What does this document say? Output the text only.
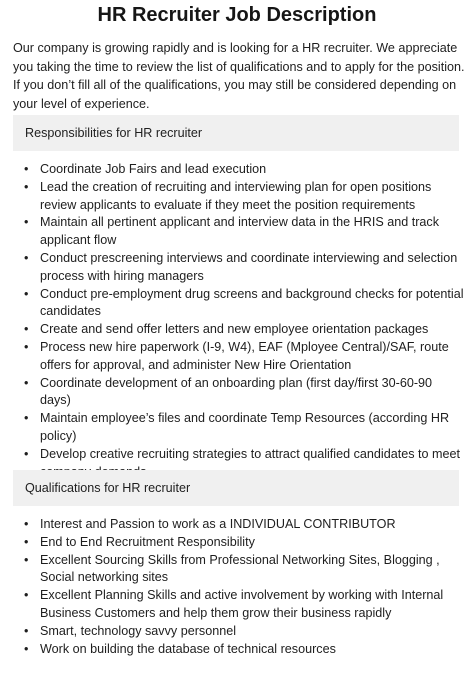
HR Recruiter Job Description

Our company is growing rapidly and is looking for a HR recruiter. We appreciate you taking the time to review the list of qualifications and to apply for the position. If you don’t fill all of the qualifications, you may still be considered depending on your level of experience.

Responsibilities for HR recruiter
• Coordinate Job Fairs and lead execution
• Lead the creation of recruiting and interviewing plan for open positions review applicants to evaluate if they meet the position requirements
• Maintain all pertinent applicant and interview data in the HRIS and track applicant flow
• Conduct prescreening interviews and coordinate interviewing and selection process with hiring managers
• Conduct pre-employment drug screens and background checks for potential candidates
• Create and send offer letters and new employee orientation packages
• Process new hire paperwork (I-9, W4), EAF (Mployee Central)/SAF, route offers for approval, and administer New Hire Orientation
• Coordinate development of an onboarding plan (first day/first 30-60-90 days)
• Maintain employee’s files and coordinate Temp Resources (according HR policy)
• Develop creative recruiting strategies to attract qualified candidates to meet
Qualifications for HR recruiter
• Interest and Passion to work as a INDIVIDUAL CONTRIBUTOR
• End to End Recruitment Responsibility
• Excellent Sourcing Skills from Professional Networking Sites, Blogging , Social networking sites
• Excellent Planning Skills and active involvement by working with Internal Business Customers and help them grow their business rapidly
• Smart, technology savvy personnel
• Work on building the database of technical resources
